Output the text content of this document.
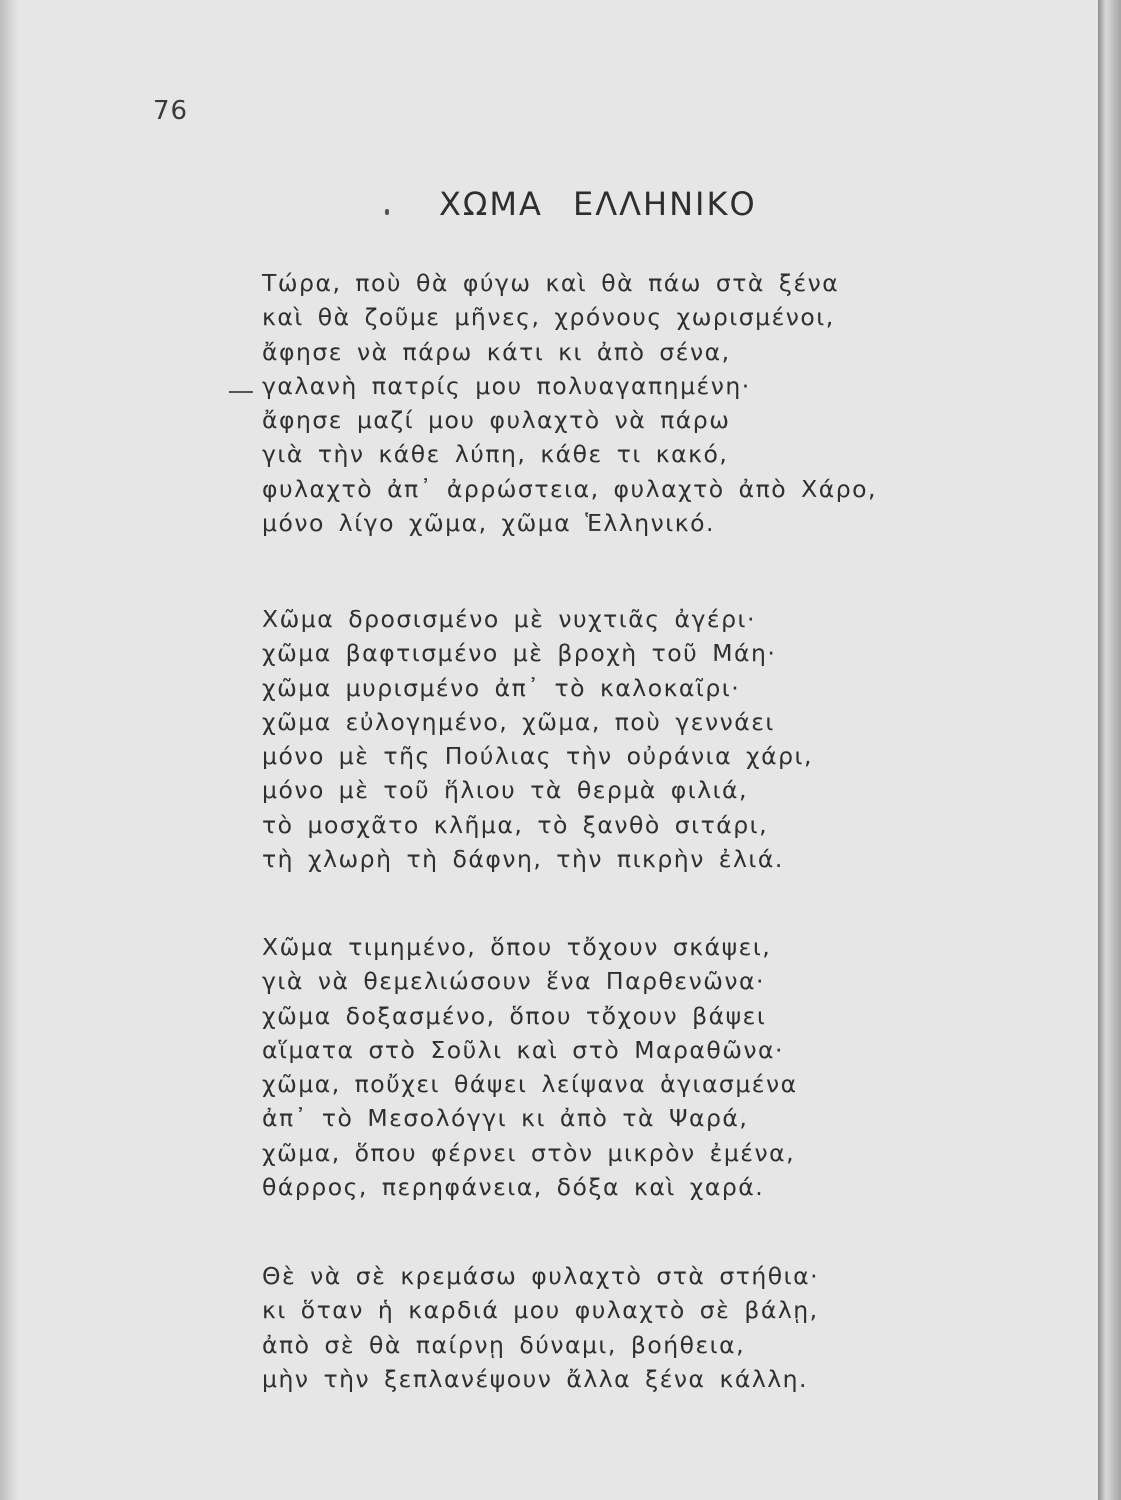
76
ΧΩΜΑ ΕΛΛΗΝΙΚΟ
Τώρα, ποὺ θὰ φύγω καὶ θὰ πάω στὰ ξένα
καὶ θὰ ζοῦμε μῆνες, χρόνους χωρισμένοι,
ἄφησε νὰ πάρω κάτι κι ἀπὸ σένα,
γαλανὴ πατρίς μου πολυαγαπημένη·
ἄφησε μαζί μου φυλαχτὸ νὰ πάρω
γιὰ τὴν κάθε λύπη, κάθε τι κακό,
φυλαχτὸ ἀπ᾽ ἀρρώστεια, φυλαχτὸ ἀπὸ Χάρο,
μόνο λίγο χῶμα, χῶμα Ἑλληνικό.
Χῶμα δροσισμένο μὲ νυχτιᾶς ἀγέρι·
χῶμα βαφτισμένο μὲ βροχὴ τοῦ Μάη·
χῶμα μυρισμένο ἀπ᾽ τὸ καλοκαῖρι·
χῶμα εὐλογημένο, χῶμα, ποὺ γεννάει
μόνο μὲ τῆς Πούλιας τὴν οὐράνια χάρι,
μόνο μὲ τοῦ ἥλιου τὰ θερμὰ φιλιά,
τὸ μοσχᾶτο κλῆμα, τὸ ξανθὸ σιτάρι,
τὴ χλωρὴ τὴ δάφνη, τὴν πικρὴν ἐλιά.
Χῶμα τιμημένο, ὅπου τὄχουν σκάψει,
γιὰ νὰ θεμελιώσουν ἕνα Παρθενῶνα·
χῶμα δοξασμένο, ὅπου τὄχουν βάψει
αἵματα στὸ Σοῦλι καὶ στὸ Μαραθῶνα·
χῶμα, ποὔχει θάψει λείψανα ἁγιασμένα
ἀπ᾽ τὸ Μεσολόγγι κι ἀπὸ τὰ Ψαρά,
χῶμα, ὅπου φέρνει στὸν μικρὸν ἐμένα,
θάρρος, περηφάνεια, δόξα καὶ χαρά.
Θὲ νὰ σὲ κρεμάσω φυλαχτὸ στὰ στήθια·
κι ὅταν ἡ καρδιά μου φυλαχτὸ σὲ βάλῃ,
ἀπὸ σὲ θὰ παίρνῃ δύναμι, βοήθεια,
μὴν τὴν ξεπλανέψουν ἄλλα ξένα κάλλη.
